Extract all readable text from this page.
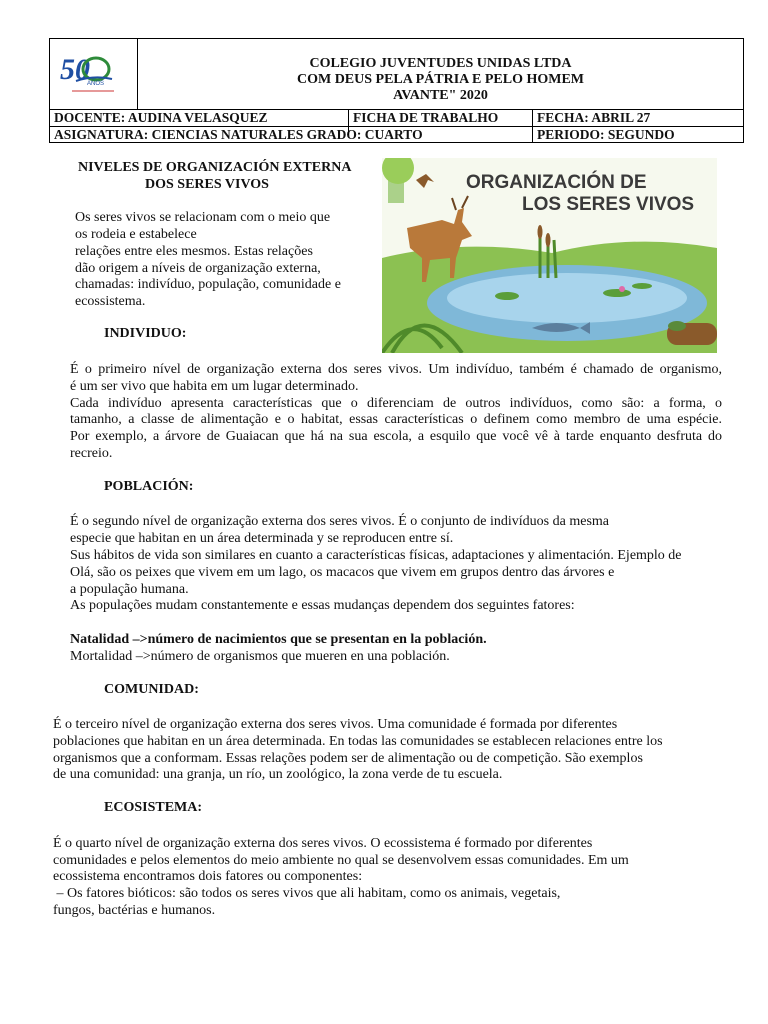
50
AÑOS
COLEGIO JUVENTUDES UNIDAS LTDA
COM DEUS PELA PÁTRIA E PELO HOMEM
AVANTE" 2020
DOCENTE: AUDINA VELASQUEZ	FICHA DE TRABALHO	FECHA: ABRIL 27
ASIGNATURA: CIENCIAS NATURALES GRADO: CUARTO	PERIODO: SEGUNDO
NIVELES DE ORGANIZACIÓN EXTERNA
DOS SERES VIVOS
Os seres vivos se relacionam com o meio que
os rodeia e estabelece
relações entre eles mesmos. Estas relações
dão origem a níveis de organização externa,
chamadas: indivíduo, população, comunidade e
ecossistema.
ORGANIZACIÓN DE
LOS SERES VIVOS
INDIVIDUO:
É o primeiro nível de organização externa dos seres vivos. Um indivíduo, também é chamado de organismo,
é um ser vivo que habita em um lugar determinado.
Cada indivíduo apresenta características que o diferenciam de outros indivíduos, como são: a forma, o
tamanho, a classe de alimentação e o habitat, essas características o definem como membro de uma espécie.
Por exemplo, a árvore de Guaiacan que há na sua escola, a esquilo que você vê à tarde enquanto desfruta do
recreio.
POBLACIÓN:
É o segundo nível de organização externa dos seres vivos. É o conjunto de indivíduos da mesma
especie que habitan en un área determinada y se reproducen entre sí.
Sus hábitos de vida son similares en cuanto a características físicas, adaptaciones y alimentación. Ejemplo de
Olá, são os peixes que vivem em um lago, os macacos que vivem em grupos dentro das árvores e
a população humana.
As populações mudam constantemente e essas mudanças dependem dos seguintes fatores:
Natalidad –>número de nacimientos que se presentan en la población.
Mortalidad –>número de organismos que mueren en una población.
COMUNIDAD:
É o terceiro nível de organização externa dos seres vivos. Uma comunidade é formada por diferentes
poblaciones que habitan en un área determinada. En todas las comunidades se establecen relaciones entre los
organismos que a conformam. Essas relações podem ser de alimentação ou de competição. São exemplos
de una comunidad: una granja, un río, un zoológico, la zona verde de tu escuela.
ECOSISTEMA:
É o quarto nível de organização externa dos seres vivos. O ecossistema é formado por diferentes
comunidades e pelos elementos do meio ambiente no qual se desenvolvem essas comunidades. Em um
ecossistema encontramos dois fatores ou componentes:
– Os fatores bióticos: são todos os seres vivos que ali habitam, como os animais, vegetais,
fungos, bactérias e humanos.
